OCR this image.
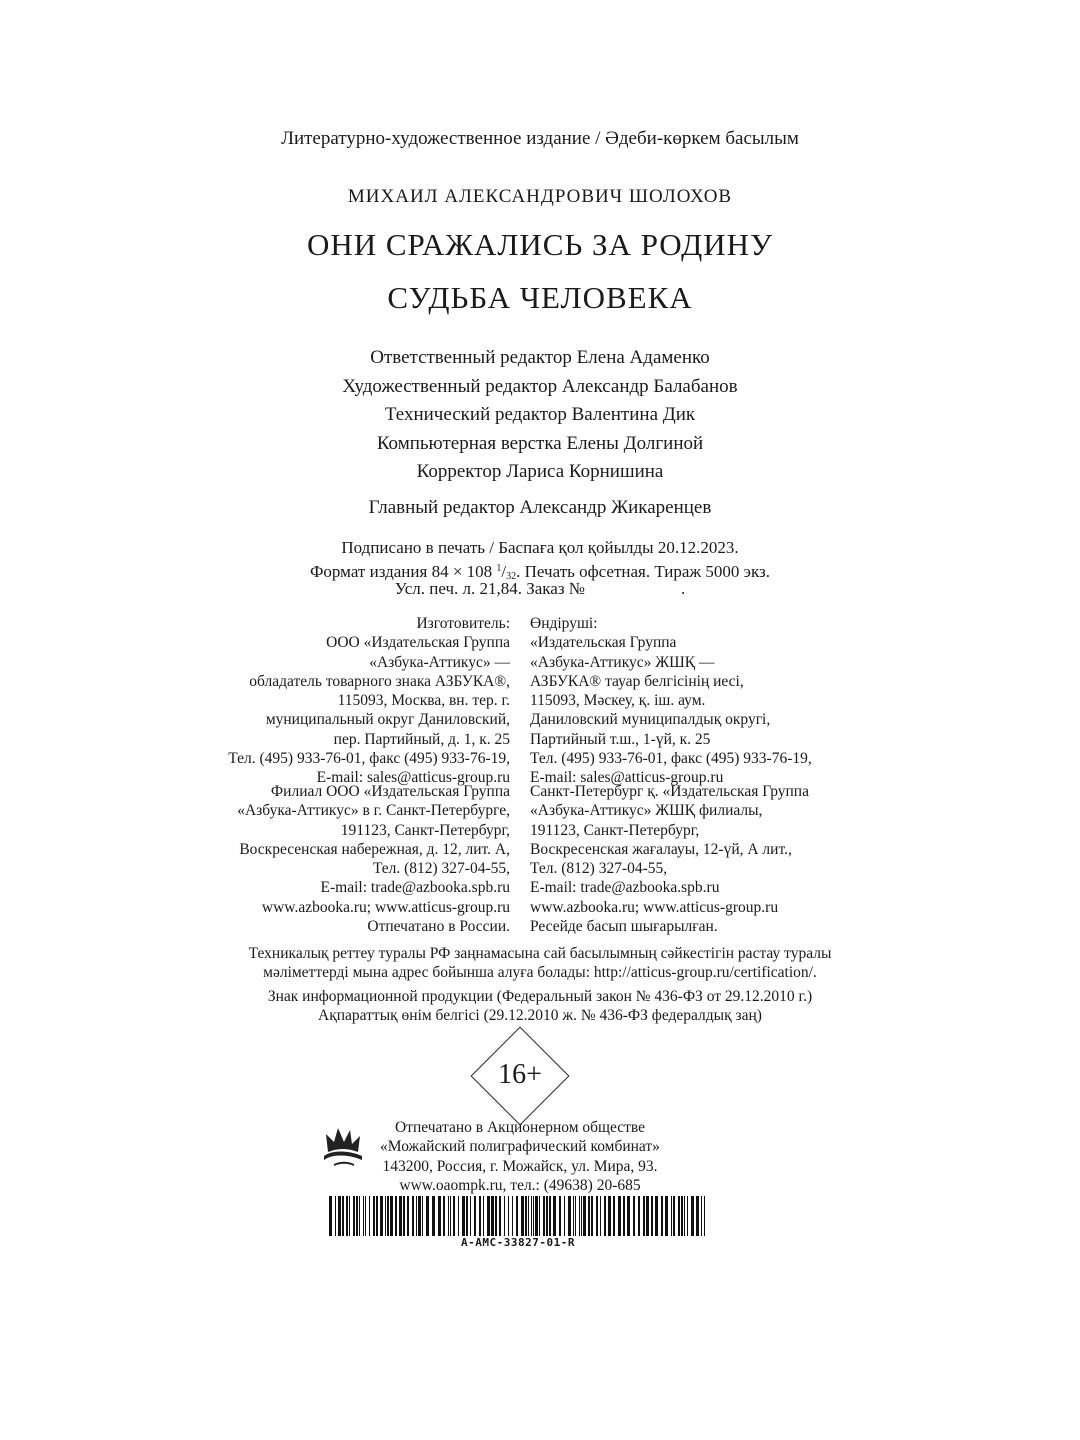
Литературно-художественное издание / Әдеби-көркем басылым
МИХАИЛ АЛЕКСАНДРОВИЧ ШОЛОХОВ
ОНИ СРАЖАЛИСЬ ЗА РОДИНУ
СУДЬБА ЧЕЛОВЕКА
Ответственный редактор Елена Адаменко
Художественный редактор Александр Балабанов
Технический редактор Валентина Дик
Компьютерная верстка Елены Долгиной
Корректор Лариса Корнишина
Главный редактор Александр Жикаренцев
Подписано в печать / Баспаға қол қойылды 20.12.2023.
Формат издания 84 × 108 $^1/_{32}$. Печать офсетная. Тираж 5000 экз.
Усл. печ. л. 21,84. Заказ №	.
Изготовитель:
ООО «Издательская Группа
«Азбука-Аттикус» —
обладатель товарного знака АЗБУКА®,
115093, Москва, вн. тер. г.
муниципальный округ Даниловский,
пер. Партийный, д. 1, к. 25
Тел. (495) 933-76-01, факс (495) 933-76-19,
E-mail: sales@atticus-group.ru
Өндіруші:
«Издательская Группа
«Азбука-Аттикус» ЖШҚ —
АЗБУКА® тауар белгісінің иесі,
115093, Мәскеу, қ. іш. аум.
Даниловский муниципалдық округі,
Партийный т.ш., 1-үй, к. 25
Тел. (495) 933-76-01, факс (495) 933-76-19,
E-mail: sales@atticus-group.ru
Филиал ООО «Издательская Группа
«Азбука-Аттикус» в г. Санкт-Петербурге,
191123, Санкт-Петербург,
Воскресенская набережная, д. 12, лит. А,
Тел. (812) 327-04-55,
E-mail: trade@azbooka.spb.ru
Санкт-Петербург қ. «Издательская Группа
«Азбука-Аттикус» ЖШҚ филиалы,
191123, Санкт-Петербург,
Воскресенская жағалауы, 12-үй, А лит.,
Тел. (812) 327-04-55,
E-mail: trade@azbooka.spb.ru
www.azbooka.ru; www.atticus-group.ru
Отпечатано в России.
www.azbooka.ru; www.atticus-group.ru
Ресейде басып шығарылған.
Техникалық реттеу туралы РФ заңнамасына сай басылымның сәйкестігін растау туралы
мәліметтерді мына адрес бойынша алуға болады: http://atticus-group.ru/certification/.
Знак информационной продукции (Федеральный закон № 436-ФЗ от 29.12.2010 г.)
Ақпараттық өнім белгісі (29.12.2010 ж. № 436-ФЗ федералдық заң)
16+
Отпечатано в Акционерном обществе
«Можайский полиграфический комбинат»
143200, Россия, г. Можайск, ул. Мира, 93.
www.oaompk.ru, тел.: (49638) 20-685
A-AMC-33827-01-R
